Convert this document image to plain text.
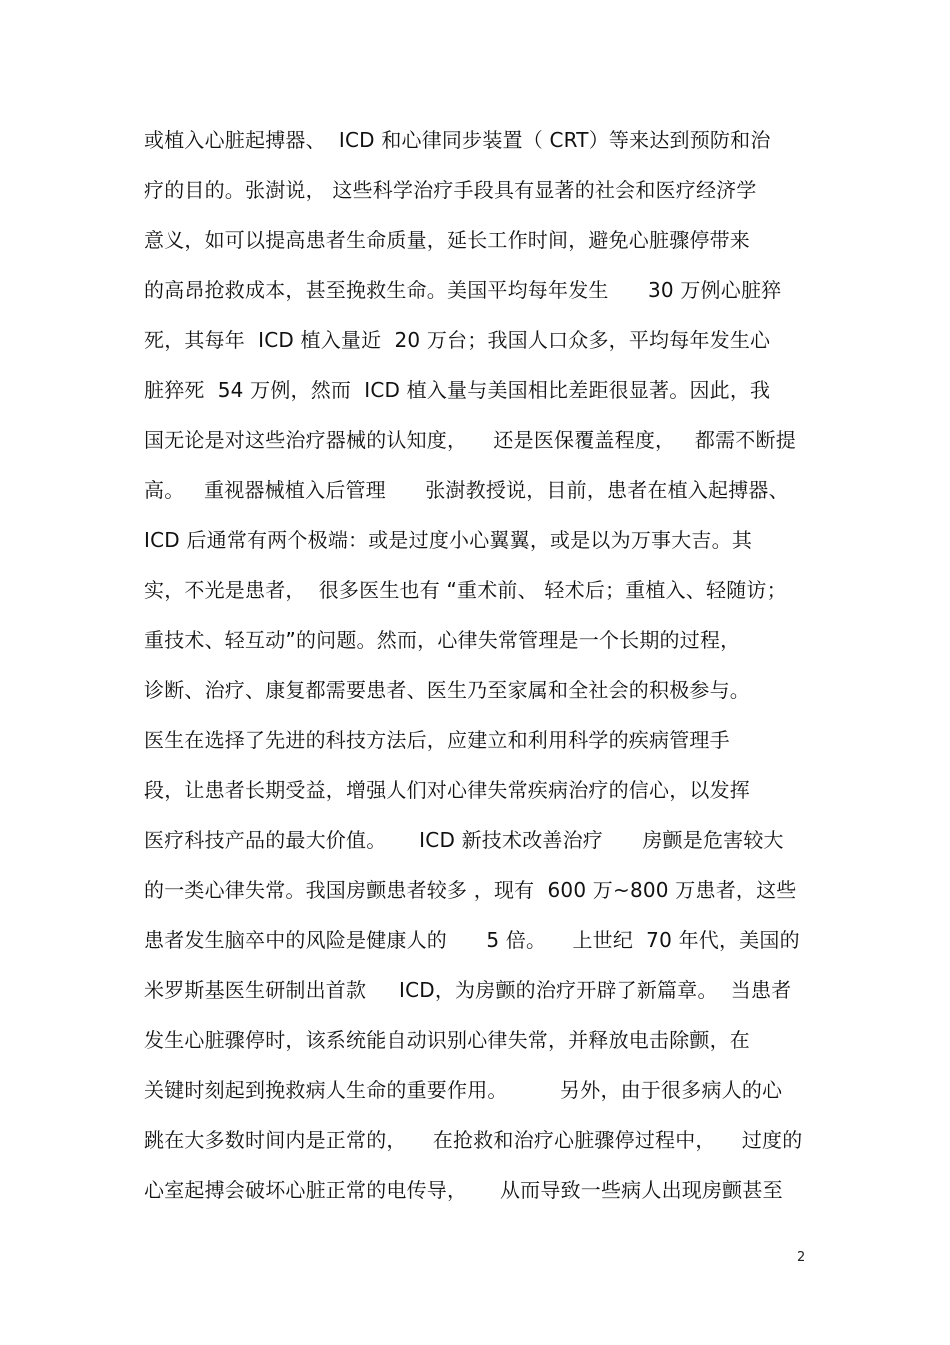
或植入心脏起搏器、  ICD 和心律同步装置（ CRT）等来达到预防和治
疗的目的。张澍说， 这些科学治疗手段具有显著的社会和医疗经济学
意义，如可以提高患者生命质量，延长工作时间，避免心脏骤停带来
的高昂抢救成本，甚至挽救生命。美国平均每年发生      30 万例心脏猝
死，其每年  ICD 植入量近  20 万台；我国人口众多，平均每年发生心
脏猝死  54 万例，然而  ICD 植入量与美国相比差距很显著。因此，我
国无论是对这些治疗器械的认知度，    还是医保覆盖程度，   都需不断提
高。   重视器械植入后管理      张澍教授说，目前，患者在植入起搏器、
ICD 后通常有两个极端：或是过度小心翼翼，或是以为万事大吉。其
实，不光是患者，  很多医生也有 “重术前、 轻术后；重植入、轻随访；
重技术、轻互动”的问题。然而，心律失常管理是一个长期的过程，
诊断、治疗、康复都需要患者、医生乃至家属和全社会的积极参与。
医生在选择了先进的科技方法后，应建立和利用科学的疾病管理手
段，让患者长期受益，增强人们对心律失常疾病治疗的信心，以发挥
医疗科技产品的最大价值。     ICD 新技术改善治疗      房颤是危害较大
的一类心律失常。我国房颤患者较多 ，现有  600 万~800 万患者，这些
患者发生脑卒中的风险是健康人的      5 倍。    上世纪  70 年代，美国的
米罗斯基医生研制出首款     ICD，为房颤的治疗开辟了新篇章。  当患者
发生心脏骤停时，该系统能自动识别心律失常，并释放电击除颤，在
关键时刻起到挽救病人生命的重要作用。        另外，由于很多病人的心
跳在大多数时间内是正常的，    在抢救和治疗心脏骤停过程中，    过度的
心室起搏会破坏心脏正常的电传导，     从而导致一些病人出现房颤甚至
2
